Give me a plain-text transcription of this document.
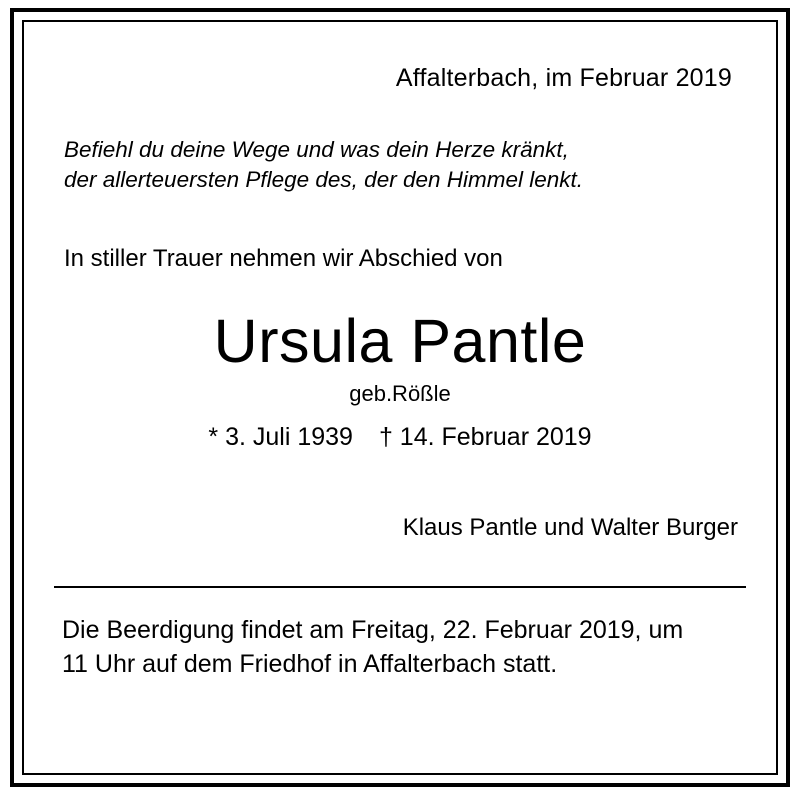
Affalterbach, im Februar 2019
Befiehl du deine Wege und was dein Herze kränkt,
der allerteuersten Pflege des, der den Himmel lenkt.
In stiller Trauer nehmen wir Abschied von
Ursula Pantle
geb.Rößle
* 3. Juli 1939 † 14. Februar 2019
Klaus Pantle und Walter Burger
Die Beerdigung findet am Freitag, 22. Februar 2019, um
11 Uhr auf dem Friedhof in Affalterbach statt.
